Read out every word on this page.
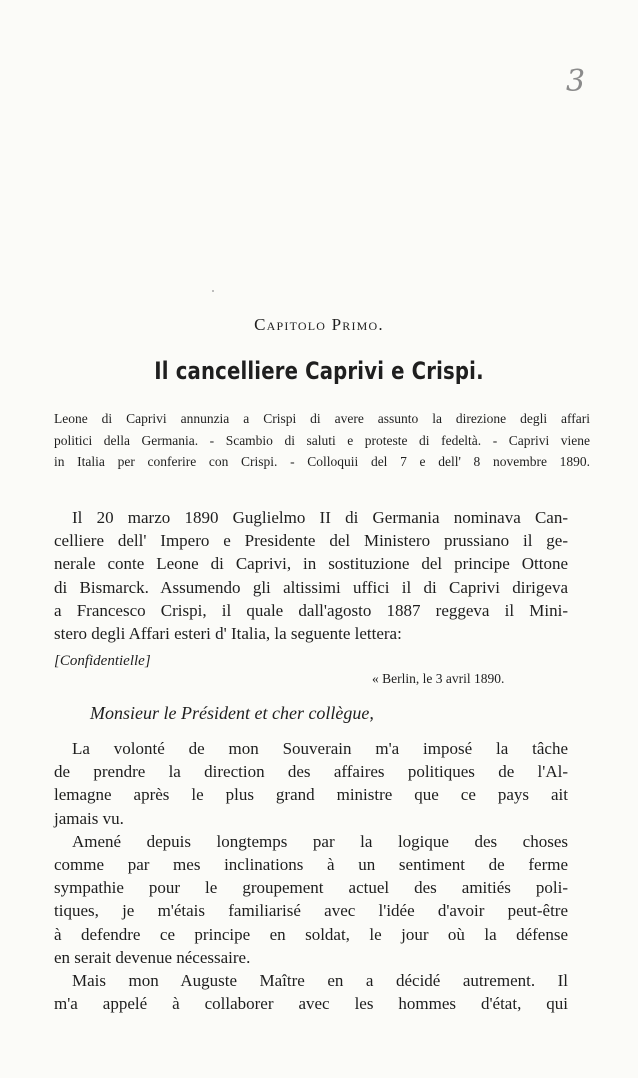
3
Capitolo Primo.
Il cancelliere Caprivi e Crispi.
Leone di Caprivi annunzia a Crispi di avere assunto la direzione degli affari
politici della Germania. - Scambio di saluti e proteste di fedeltà. - Caprivi viene
in Italia per conferire con Crispi. - Colloquii del 7 e dell' 8 novembre 1890.
Il 20 marzo 1890 Guglielmo II di Germania nominava Can-
celliere dell' Impero e Presidente del Ministero prussiano il ge-
nerale conte Leone di Caprivi, in sostituzione del principe Ottone
di Bismarck. Assumendo gli altissimi uffici il di Caprivi dirigeva
a Francesco Crispi, il quale dall'agosto 1887 reggeva il Mini-
stero degli Affari esteri d' Italia, la seguente lettera:
[Confidentielle]
« Berlin, le 3 avril 1890.
Monsieur le Président et cher collègue,
La volonté de mon Souverain m'a imposé la tâche
de prendre la direction des affaires politiques de l'Al-
lemagne après le plus grand ministre que ce pays ait
jamais vu.
Amené depuis longtemps par la logique des choses
comme par mes inclinations à un sentiment de ferme
sympathie pour le groupement actuel des amitiés poli-
tiques, je m'étais familiarisé avec l'idée d'avoir peut-être
à defendre ce principe en soldat, le jour où la défense
en serait devenue nécessaire.
Mais mon Auguste Maître en a décidé autrement. Il
m'a appelé à collaborer avec les hommes d'état, qui
